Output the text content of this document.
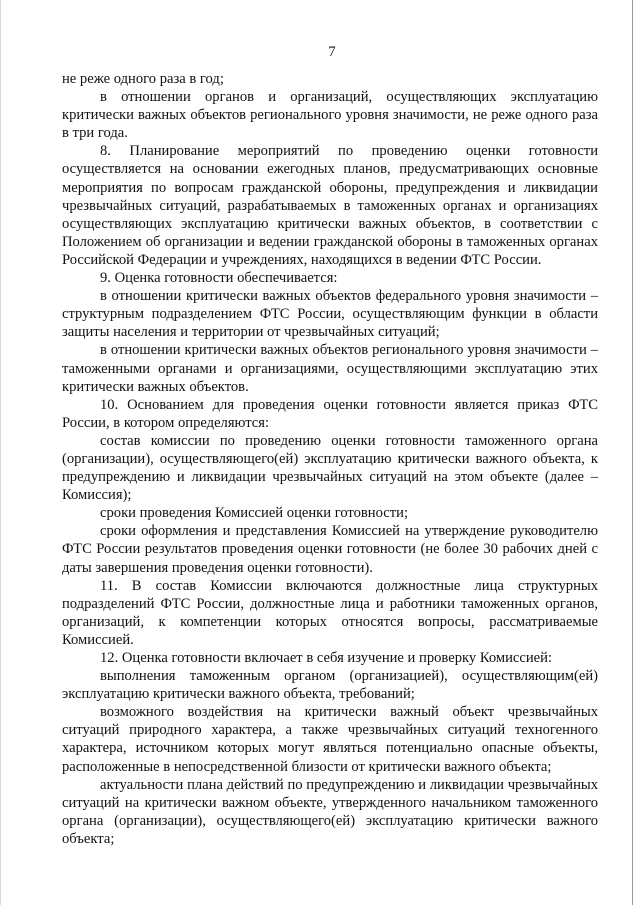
7

не реже одного раза в год;

в отношении органов и организаций, осуществляющих эксплуатацию критически важных объектов регионального уровня значимости, не реже одного раза в три года.

8. Планирование мероприятий по проведению оценки готовности осуществляется на основании ежегодных планов, предусматривающих основные мероприятия по вопросам гражданской обороны, предупреждения и ликвидации чрезвычайных ситуаций, разрабатываемых в таможенных органах и организациях осуществляющих эксплуатацию критически важных объектов, в соответствии с Положением об организации и ведении гражданской обороны в таможенных органах Российской Федерации и учреждениях, находящихся в ведении ФТС России.

9. Оценка готовности обеспечивается:

в отношении критически важных объектов федерального уровня значимости – структурным подразделением ФТС России, осуществляющим функции в области защиты населения и территории от чрезвычайных ситуаций;

в отношении критически важных объектов регионального уровня значимости – таможенными органами и организациями, осуществляющими эксплуатацию этих критически важных объектов.

10. Основанием для проведения оценки готовности является приказ ФТС России, в котором определяются:

состав комиссии по проведению оценки готовности таможенного органа (организации), осуществляющего(ей) эксплуатацию критически важного объекта, к предупреждению и ликвидации чрезвычайных ситуаций на этом объекте (далее – Комиссия);

сроки проведения Комиссией оценки готовности;

сроки оформления и представления Комиссией на утверждение руководителю ФТС России результатов проведения оценки готовности (не более 30 рабочих дней с даты завершения проведения оценки готовности).

11. В состав Комиссии включаются должностные лица структурных подразделений ФТС России, должностные лица и работники таможенных органов, организаций, к компетенции которых относятся вопросы, рассматриваемые Комиссией.

12. Оценка готовности включает в себя изучение и проверку Комиссией:

выполнения таможенным органом (организацией), осуществляющим(ей) эксплуатацию критически важного объекта, требований;

возможного воздействия на критически важный объект чрезвычайных ситуаций природного характера, а также чрезвычайных ситуаций техногенного характера, источником которых могут являться потенциально опасные объекты, расположенные в непосредственной близости от критически важного объекта;

актуальности плана действий по предупреждению и ликвидации чрезвычайных ситуаций на критически важном объекте, утвержденного начальником таможенного органа (организации), осуществляющего(ей) эксплуатацию критически важного объекта;
